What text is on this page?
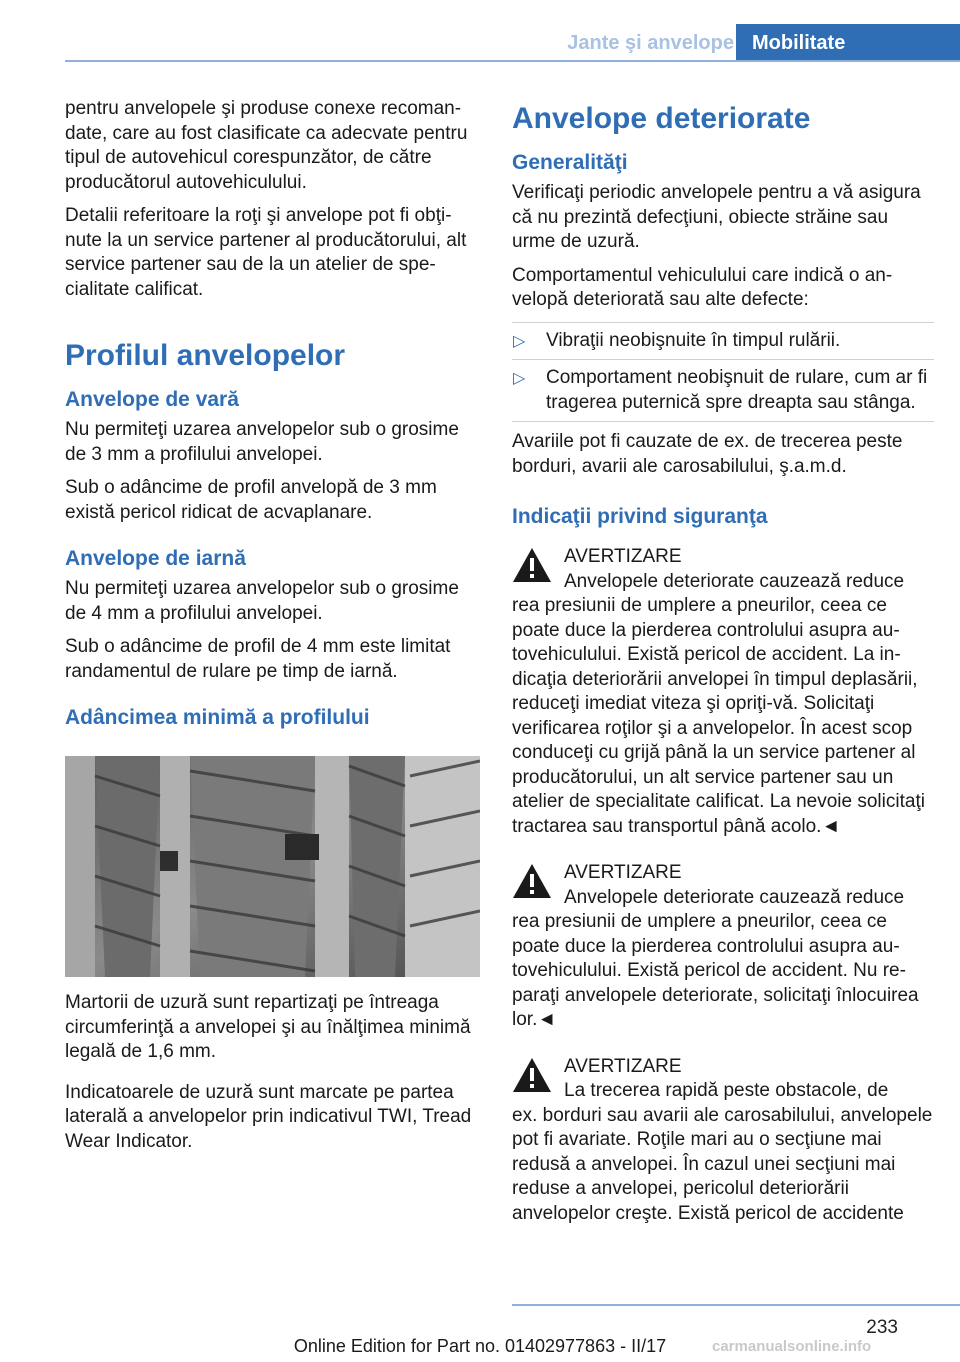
Jante şi anvelope Mobilitate

pentru anvelopele şi produse conexe recomandate, care au fost clasificate ca adecvate pentru tipul de autovehicul corespunzător, de către producătorul autovehiculului.

Detalii referitoare la roţi şi anvelope pot fi obţinute la un service partener al producătorului, alt service partener sau de la un atelier de specialitate calificat.

Profilul anvelopelor
Anvelope de vară

Nu permiteţi uzarea anvelopelor sub o grosime de 3 mm a profilului anvelopei.

Sub o adâncime de profil anvelopă de 3 mm există pericol ridicat de acvaplanare.

Anvelope de iarnă

Nu permiteţi uzarea anvelopelor sub o grosime de 4 mm a profilului anvelopei.

Sub o adâncime de profil de 4 mm este limitat randamentul de rulare pe timp de iarnă.

Adâncimea minimă a profilului

Martorii de uzură sunt repartizaţi pe întreaga circumferinţă a anvelopei şi au înălţimea minimă legală de 1,6 mm.

Indicatoarele de uzură sunt marcate pe partea laterală a anvelopelor prin indicativul TWI, Tread Wear Indicator.

Anvelope deteriorate
Generalităţi

Verificaţi periodic anvelopele pentru a vă asigura că nu prezintă defecţiuni, obiecte străine sau urme de uzură.

Comportamentul vehiculului care indică o anvelopă deteriorată sau alte defecte:

▷ Vibraţii neobişnuite în timpul rulării.
▷ Comportament neobişnuit de rulare, cum ar fi tragerea puternică spre dreapta sau stânga.

Avariile pot fi cauzate de ex. de trecerea peste borduri, avarii ale carosabilului, ş.a.m.d.

Indicaţii privind siguranţa
AVERTIZARE
Anvelopele deteriorate cauzează reduce
rea presiunii de umplere a pneurilor, ceea ce poate duce la pierderea controlului asupra autovehiculului. Există pericol de accident. La indicaţia deteriorării anvelopei în timpul deplasării, reduceţi imediat viteza şi opriţi-vă. Solicitaţi verificarea roţilor şi a anvelopelor. În acest scop conduceţi cu grijă până la un service partener al producătorului, un alt service partener sau un atelier de specialitate calificat. La nevoie solicitaţi tractarea sau transportul până acolo.◄
AVERTIZARE
Anvelopele deteriorate cauzează reduce
rea presiunii de umplere a pneurilor, ceea ce poate duce la pierderea controlului asupra autovehiculului. Există pericol de accident. Nu reparaţi anvelopele deteriorate, solicitaţi înlocuirea lor.◄
AVERTIZARE
La trecerea rapidă peste obstacole, de
ex. borduri sau avarii ale carosabilului, anvelopele pot fi avariate. Roţile mari au o secţiune mai redusă a anvelopei. În cazul unei secţiuni mai reduse a anvelopei, pericolul deteriorării anvelopelor creşte. Există pericol de accidente
233
Online Edition for Part no. 01402977863 - II/17	carmanualsonline.info
